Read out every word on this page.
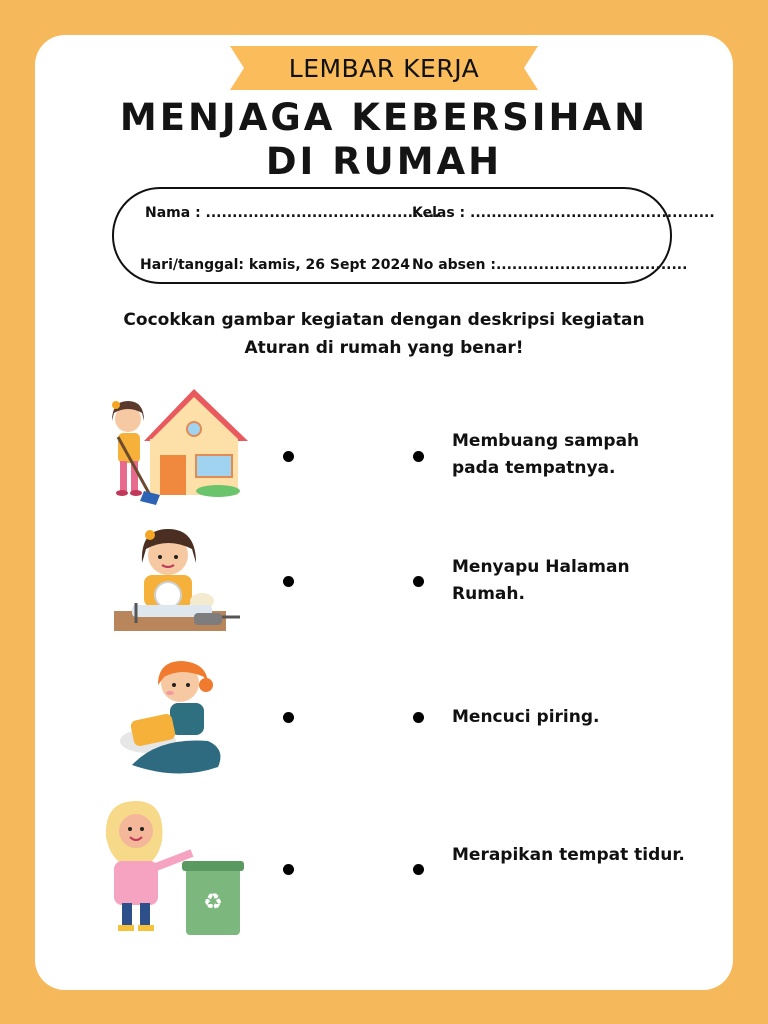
LEMBAR KERJA
MENJAGA KEBERSIHAN
DI RUMAH
Nama : ............................................
Kelas : ..............................................
Hari/tanggal: kamis, 26 Sept 2024 No absen :....................................
Cocokkan gambar kegiatan dengan deskripsi kegiatan
Aturan di rumah yang benar!
♻
Membuang sampah pada tempatnya.
Menyapu Halaman Rumah.
Mencuci piring.
Merapikan tempat tidur.
